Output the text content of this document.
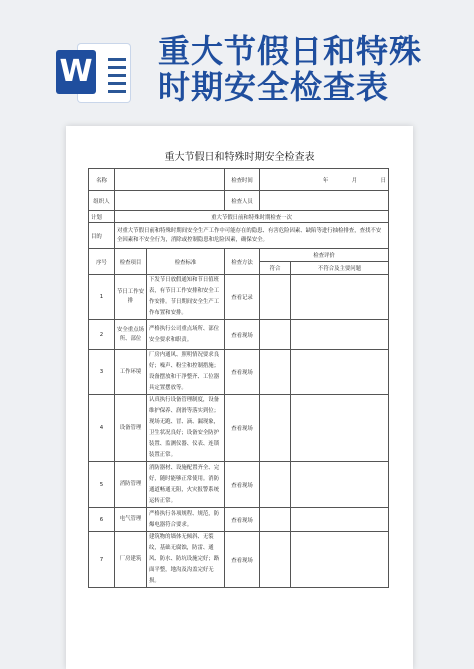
W
重大节假日和特殊
时期安全检查表
重大节假日和特殊时期安全检查表
名称			检查时间	年 月 日	
组织人			检查人员		
计划	重大节假日前和特殊时期检查一次				
目的	对重大节假日前和特殊时期间安全生产工作中可能存在的隐患、有害危险因素、缺陷等进行抽检排查，查找不安全因素和不安全行为，消除或控制隐患和危险因素，确保安全。				
序号	检查项目	检查标准	检查方法	检查评价	
				符合	不符合及主要问题
1	节日工作安排	下发节日放假通知和节日值班表，有节日工作安排和安全工作安排。节日期间安全生产工作布置和安排。	查看记录		
2	安全重点场所、部位	严格执行公司重点场所、部位安全要求和职责。	查看现场		
3	工作环境	厂房内通风、照明情况要求良好；噪声、粉尘和控制措施；设备摆放和干净整齐、工位器具定置摆放等。	查看现场		
4	设备管理	认真执行设备管理制度，设备维护保养、润滑等落实到位；现场无跑、冒、滴、漏现象，卫生状况良好；设备安全防护装置、监测仪器、仪表、连锁装置正常。	查看现场		
5	消防管理	消防器材、设施配置齐全、完好，随时能够正常使用。消防通道畅通无阻，火灾报警系统运转正常。	查看现场		
6	电气管理	严格执行各项规程、规范，防爆电器符合要求。	查看现场		
7	厂房建筑	建筑物的墙体无倾斜、无裂纹，基础无腐蚀，防雷、通风、防水、防坑设施完好；路面平整，地沟及沟盖完好无损。	查看现场		
